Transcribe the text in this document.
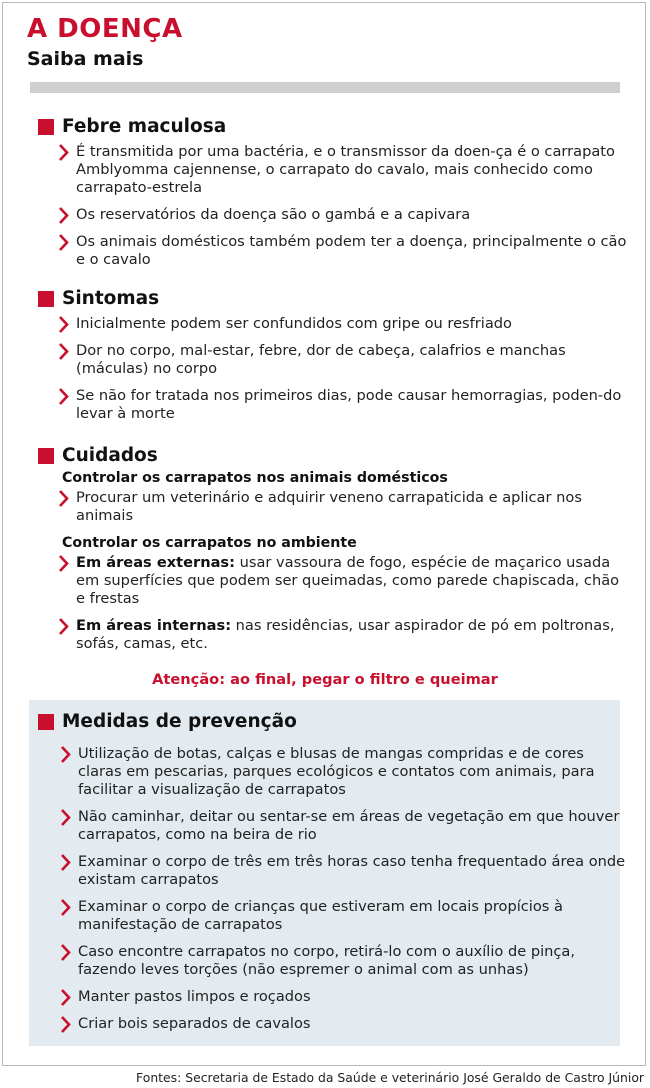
A DOENÇA
Saiba mais
Febre maculosa
É transmitida por uma bactéria, e o transmissor da doen-ça é o carrapato Amblyomma cajennense, o carrapato do cavalo, mais conhecido como carrapato-estrela
Os reservatórios da doença são o gambá e a capivara
Os animais domésticos também podem ter a doença, principalmente o cão e o cavalo
Sintomas
Inicialmente podem ser confundidos com gripe ou resfriado
Dor no corpo, mal-estar, febre, dor de cabeça, calafrios e manchas (máculas) no corpo
Se não for tratada nos primeiros dias, pode causar hemorragias, poden-do levar à morte
Cuidados
Controlar os carrapatos nos animais domésticos
Procurar um veterinário e adquirir veneno carrapaticida e aplicar nos animais
Controlar os carrapatos no ambiente
Em áreas externas: usar vassoura de fogo, espécie de maçarico usada em superfícies que podem ser queimadas, como parede chapiscada, chão e frestas
Em áreas internas: nas residências, usar aspirador de pó em poltronas, sofás, camas, etc.
Atenção: ao final, pegar o filtro e queimar
Medidas de prevenção
Utilização de botas, calças e blusas de mangas compridas e de cores claras em pescarias, parques ecológicos e contatos com animais, para facilitar a visualização de carrapatos
Não caminhar, deitar ou sentar-se em áreas de vegetação em que houver carrapatos, como na beira de rio
Examinar o corpo de três em três horas caso tenha frequentado área onde existam carrapatos
Examinar o corpo de crianças que estiveram em locais propícios à manifestação de carrapatos
Caso encontre carrapatos no corpo, retirá-lo com o auxílio de pinça, fazendo leves torções (não espremer o animal com as unhas)
Manter pastos limpos e roçados
Criar bois separados de cavalos
Fontes: Secretaria de Estado da Saúde e veterinário José Geraldo de Castro Júnior
